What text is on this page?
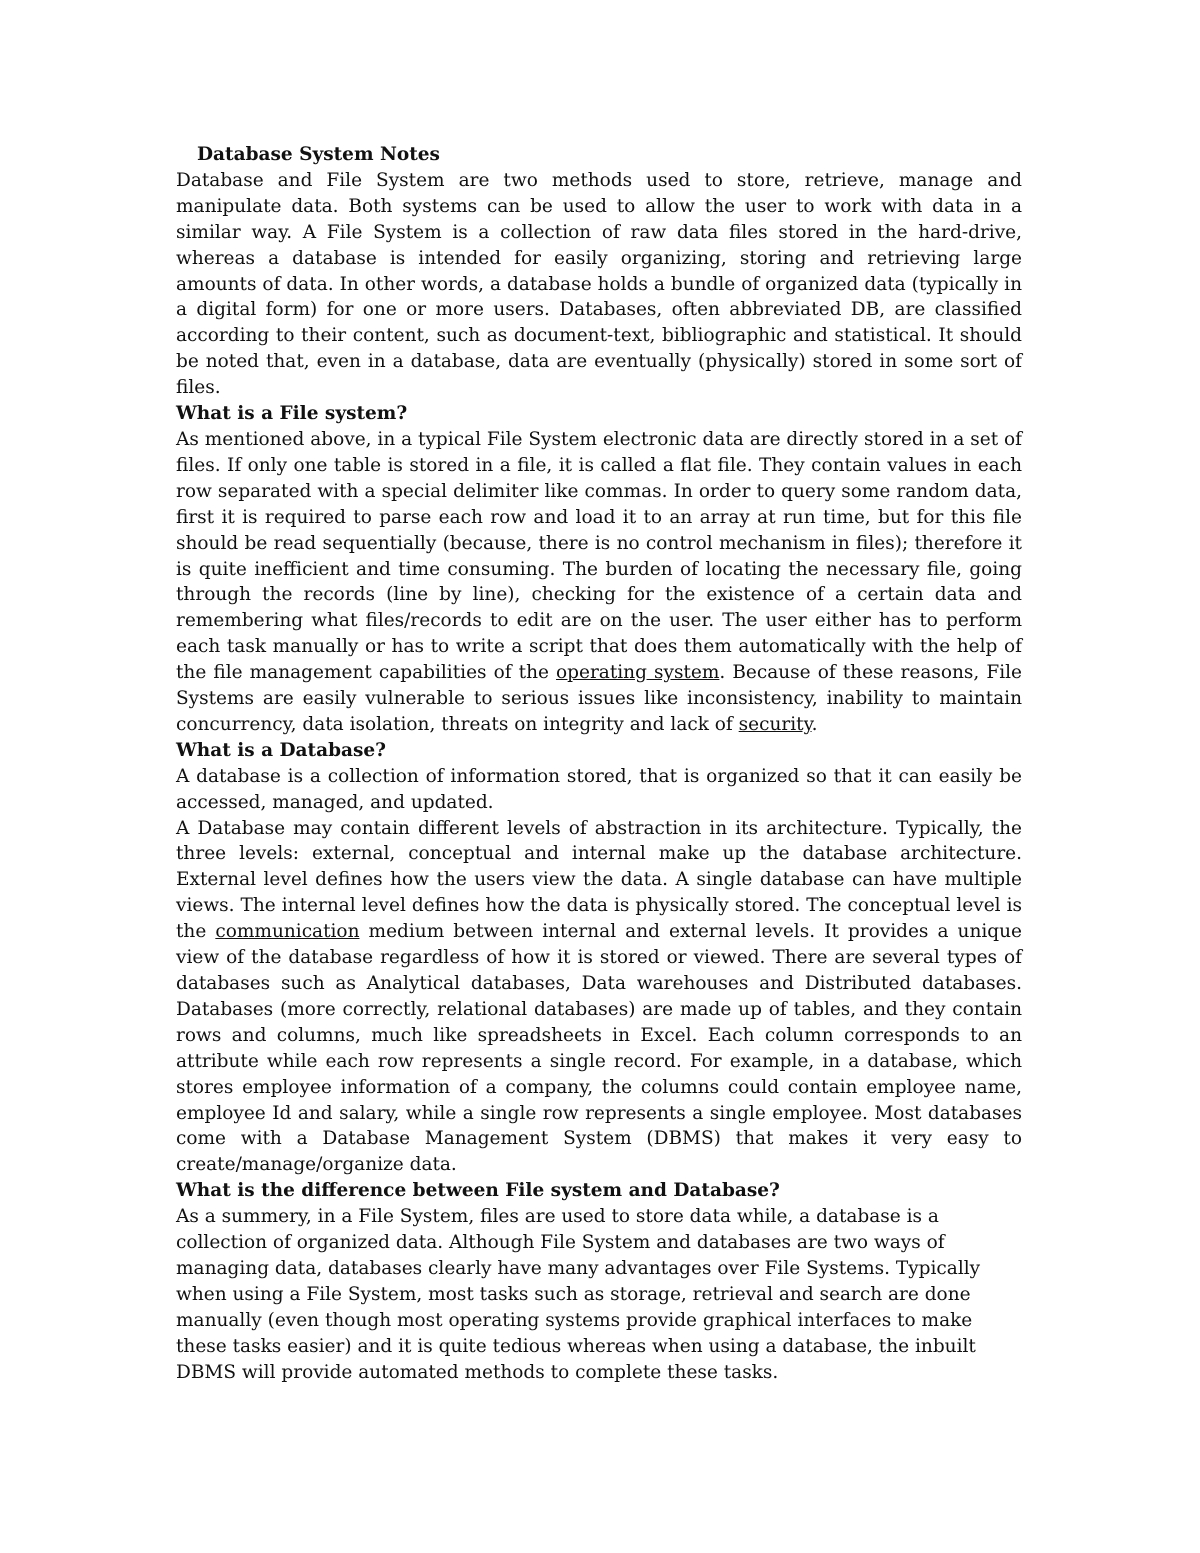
Database System Notes

Database and File System are two methods used to store, retrieve, manage and manipulate data. Both systems can be used to allow the user to work with data in a similar way. A File System is a collection of raw data files stored in the hard-drive, whereas a database is intended for easily organizing, storing and retrieving large amounts of data. In other words, a database holds a bundle of organized data (typically in a digital form) for one or more users. Databases, often abbreviated DB, are classified according to their content, such as document-text, bibliographic and statistical. It should be noted that, even in a database, data are eventually (physically) stored in some sort of files.

What is a File system?

As mentioned above, in a typical File System electronic data are directly stored in a set of files. If only one table is stored in a file, it is called a flat file. They contain values in each row separated with a special delimiter like commas. In order to query some random data, first it is required to parse each row and load it to an array at run time, but for this file should be read sequentially (because, there is no control mechanism in files); therefore it is quite inefficient and time consuming. The burden of locating the necessary file, going through the records (line by line), checking for the existence of a certain data and remembering what files/records to edit are on the user. The user either has to perform each task manually or has to write a script that does them automatically with the help of the file management capabilities of the operating system. Because of these reasons, File Systems are easily vulnerable to serious issues like inconsistency, inability to maintain concurrency, data isolation, threats on integrity and lack of security.

What is a Database?

A database is a collection of information stored, that is organized so that it can easily be accessed, managed, and updated.

A Database may contain different levels of abstraction in its architecture. Typically, the three levels: external, conceptual and internal make up the database architecture. External level defines how the users view the data. A single database can have multiple views. The internal level defines how the data is physically stored. The conceptual level is the communication medium between internal and external levels. It provides a unique view of the database regardless of how it is stored or viewed. There are several types of databases such as Analytical databases, Data warehouses and Distributed databases. Databases (more correctly, relational databases) are made up of tables, and they contain rows and columns, much like spreadsheets in Excel. Each column corresponds to an attribute while each row represents a single record. For example, in a database, which stores employee information of a company, the columns could contain employee name, employee Id and salary, while a single row represents a single employee. Most databases come with a Database Management System (DBMS) that makes it very easy to create/manage/organize data.

What is the difference between File system and Database?

As a summery, in a File System, files are used to store data while, a database is a collection of organized data. Although File System and databases are two ways of managing data, databases clearly have many advantages over File Systems. Typically when using a File System, most tasks such as storage, retrieval and search are done manually (even though most operating systems provide graphical interfaces to make these tasks easier) and it is quite tedious whereas when using a database, the inbuilt DBMS will provide automated methods to complete these tasks.
